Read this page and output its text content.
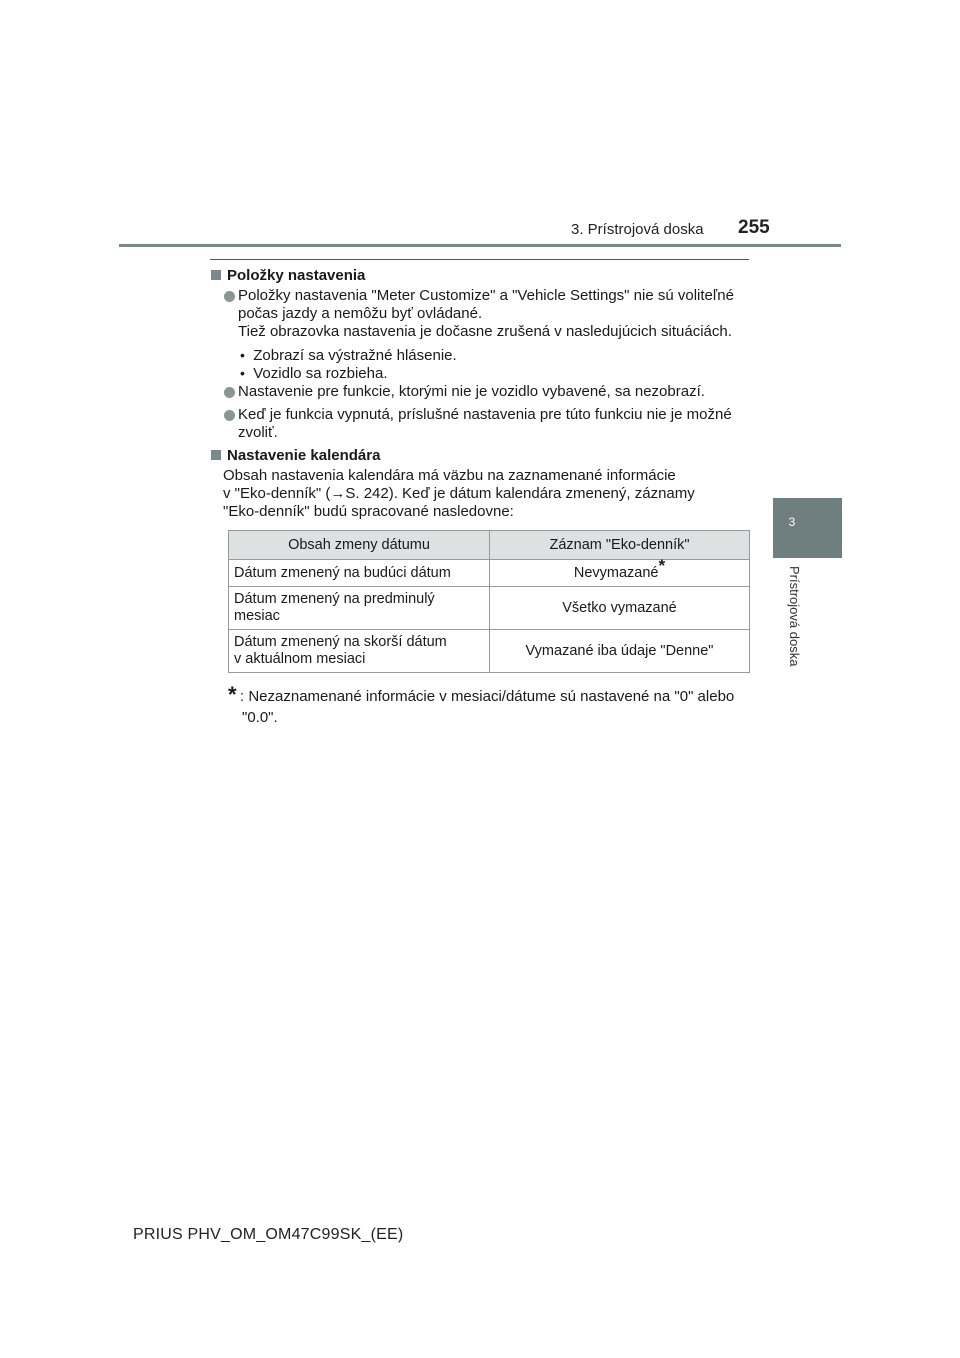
3. Prístrojová doska 255
3
Prístrojová doska
Položky nastavenia
Položky nastavenia "Meter Customize" a "Vehicle Settings" nie sú voliteľné
počas jazdy a nemôžu byť ovládané.
Tiež obrazovka nastavenia je dočasne zrušená v nasledujúcich situáciách.
• Zobrazí sa výstražné hlásenie.
• Vozidlo sa rozbieha.
Nastavenie pre funkcie, ktorými nie je vozidlo vybavené, sa nezobrazí.
Keď je funkcia vypnutá, príslušné nastavenia pre túto funkciu nie je možné
zvoliť.
Nastavenie kalendára
Obsah nastavenia kalendára má väzbu na zaznamenané informácie
v "Eko-denník" (→S. 242). Keď je dátum kalendára zmenený, záznamy
"Eko-denník" budú spracované nasledovne:
Obsah zmeny dátumu	Záznam "Eko-denník"

Dátum zmenený na budúci dátum	Nevymazané*

Dátum zmenený na predminulý
mesiac	Všetko vymazané

Dátum zmenený na skorší dátum
v aktuálnom mesiaci	Vymazané iba údaje "Denne"
* : Nezaznamenané informácie v mesiaci/dátume sú nastavené na "0" alebo
"0.0".
PRIUS PHV_OM_OM47C99SK_(EE)
